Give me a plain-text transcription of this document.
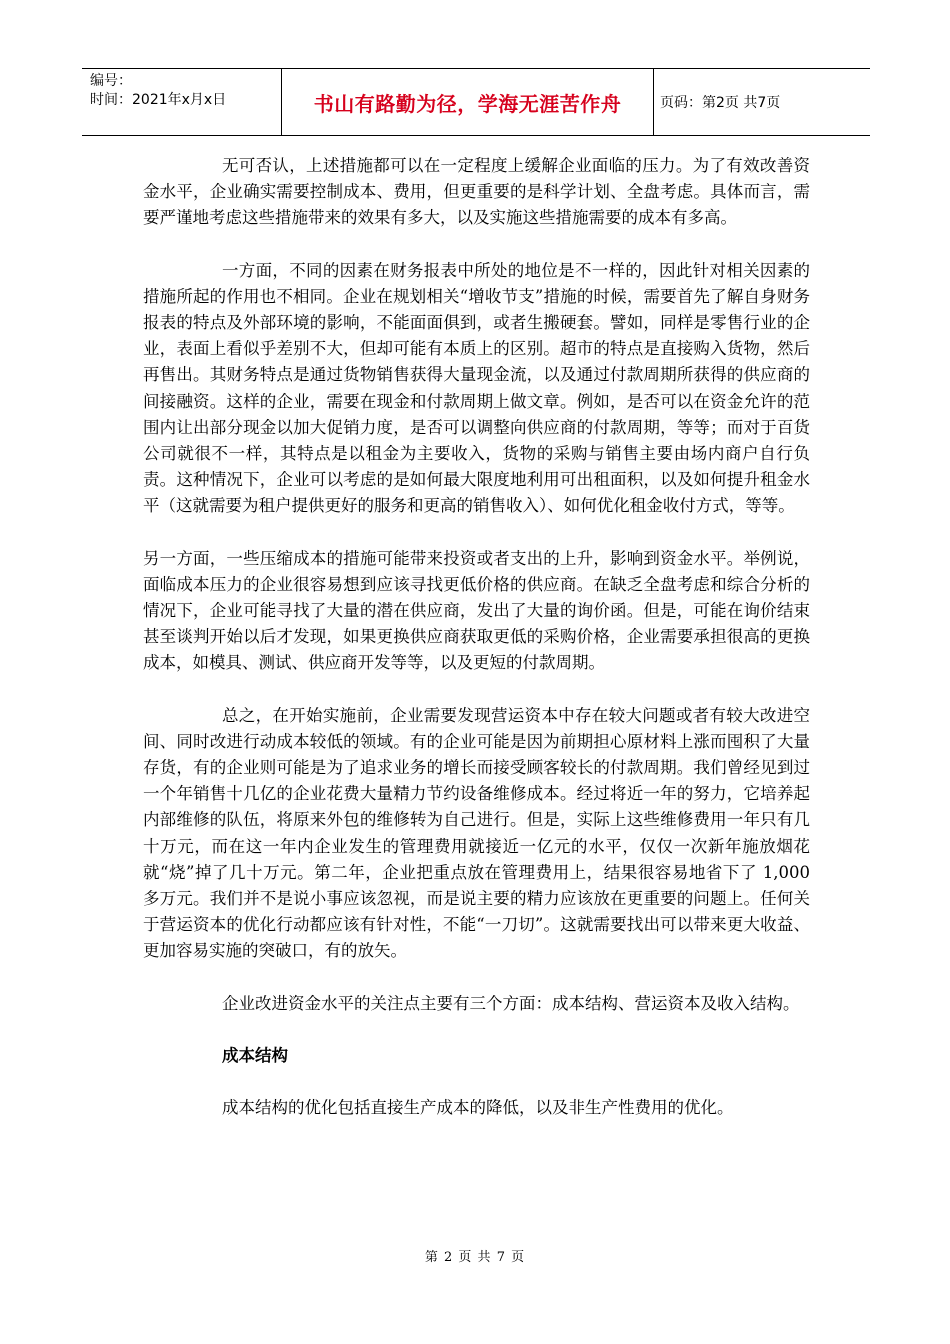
编号：
时间：2021年x月x日	书山有路勤为径，学海无涯苦作舟	页码：第2页 共7页

无可否认，上述措施都可以在一定程度上缓解企业面临的压力。为了有效改善资金水平，企业确实需要控制成本、费用，但更重要的是科学计划、全盘考虑。具体而言，需要严谨地考虑这些措施带来的效果有多大，以及实施这些措施需要的成本有多高。

一方面，不同的因素在财务报表中所处的地位是不一样的，因此针对相关因素的措施所起的作用也不相同。企业在规划相关“增收节支”措施的时候，需要首先了解自身财务报表的特点及外部环境的影响，不能面面俱到，或者生搬硬套。譬如，同样是零售行业的企业，表面上看似乎差别不大，但却可能有本质上的区别。超市的特点是直接购入货物，然后再售出。其财务特点是通过货物销售获得大量现金流，以及通过付款周期所获得的供应商的间接融资。这样的企业，需要在现金和付款周期上做文章。例如，是否可以在资金允许的范围内让出部分现金以加大促销力度，是否可以调整向供应商的付款周期，等等；而对于百货公司就很不一样，其特点是以租金为主要收入，货物的采购与销售主要由场内商户自行负责。这种情况下，企业可以考虑的是如何最大限度地利用可出租面积，以及如何提升租金水平（这就需要为租户提供更好的服务和更高的销售收入）、如何优化租金收付方式，等等。

另一方面，一些压缩成本的措施可能带来投资或者支出的上升，影响到资金水平。举例说，面临成本压力的企业很容易想到应该寻找更低价格的供应商。在缺乏全盘考虑和综合分析的情况下，企业可能寻找了大量的潜在供应商，发出了大量的询价函。但是，可能在询价结束甚至谈判开始以后才发现，如果更换供应商获取更低的采购价格，企业需要承担很高的更换成本，如模具、测试、供应商开发等等，以及更短的付款周期。

总之，在开始实施前，企业需要发现营运资本中存在较大问题或者有较大改进空间、同时改进行动成本较低的领域。有的企业可能是因为前期担心原材料上涨而囤积了大量存货，有的企业则可能是为了追求业务的增长而接受顾客较长的付款周期。我们曾经见到过一个年销售十几亿的企业花费大量精力节约设备维修成本。经过将近一年的努力，它培养起内部维修的队伍，将原来外包的维修转为自己进行。但是，实际上这些维修费用一年只有几十万元，而在这一年内企业发生的管理费用就接近一亿元的水平，仅仅一次新年施放烟花就“烧”掉了几十万元。第二年，企业把重点放在管理费用上，结果很容易地省下了 1,000 多万元。我们并不是说小事应该忽视，而是说主要的精力应该放在更重要的问题上。任何关于营运资本的优化行动都应该有针对性，不能“一刀切”。这就需要找出可以带来更大收益、更加容易实施的突破口，有的放矢。

企业改进资金水平的关注点主要有三个方面：成本结构、营运资本及收入结构。

成本结构

成本结构的优化包括直接生产成本的降低，以及非生产性费用的优化。

第 2 页 共 7 页
